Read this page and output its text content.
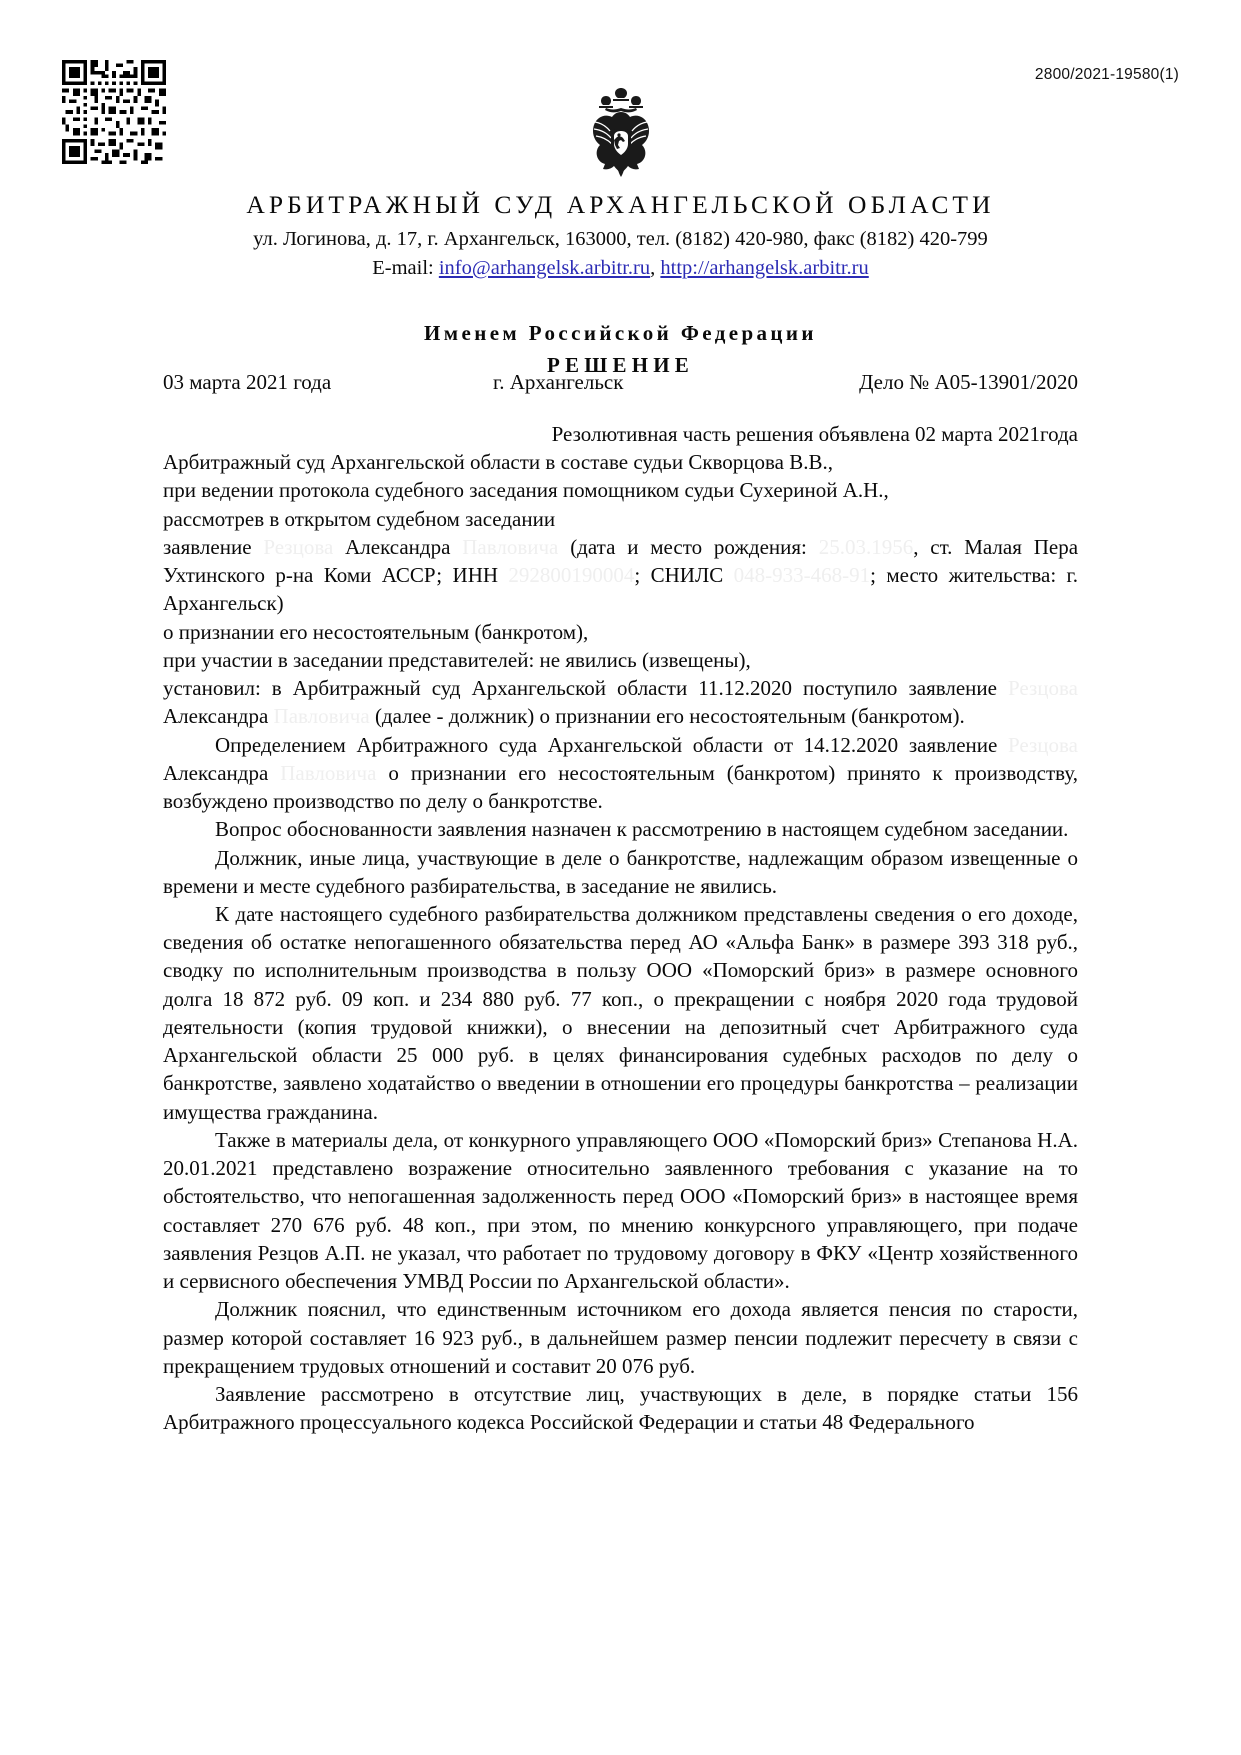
2800/2021-19580(1)
АРБИТРАЖНЫЙ СУД АРХАНГЕЛЬСКОЙ ОБЛАСТИ
ул. Логинова, д. 17, г. Архангельск, 163000, тел. (8182) 420-980, факс (8182) 420-799
E-mail: info@arhangelsk.arbitr.ru, http://arhangelsk.arbitr.ru
Именем Российской Федерации
РЕШЕНИЕ
03 марта 2021 года	г. Архангельск	Дело № А05-13901/2020

Резолютивная часть решения объявлена 02 марта 2021года

Арбитражный суд Архангельской области в составе судьи Скворцова В.В.,

при ведении протокола судебного заседания помощником судьи Сухериной А.Н.,

рассмотрев в открытом судебном заседании

заявление Резцова Александра Павловича (дата и место рождения: 25.03.1956, ст. Малая Пера Ухтинского р-на Коми АССР; ИНН 292800190004; СНИЛС 048-933-468-91; место жительства: г. Архангельск)

о признании его несостоятельным (банкротом),

при участии в заседании представителей: не явились (извещены),

установил: в Арбитражный суд Архангельской области 11.12.2020 поступило заявление Резцова Александра Павловича (далее - должник) о признании его несостоятельным (банкротом).

Определением Арбитражного суда Архангельской области от 14.12.2020 заявление Резцова Александра Павловича о признании его несостоятельным (банкротом) принято к производству, возбуждено производство по делу о банкротстве.

Вопрос обоснованности заявления назначен к рассмотрению в настоящем судебном заседании.

Должник, иные лица, участвующие в деле о банкротстве, надлежащим образом извещенные о времени и месте судебного разбирательства, в заседание не явились.

К дате настоящего судебного разбирательства должником представлены сведения о его доходе, сведения об остатке непогашенного обязательства перед АО «Альфа Банк» в размере 393 318 руб., сводку по исполнительным производства в пользу ООО «Поморский бриз» в размере основного долга 18 872 руб. 09 коп. и 234 880 руб. 77 коп., о прекращении с ноября 2020 года трудовой деятельности (копия трудовой книжки), о внесении на депозитный счет Арбитражного суда Архангельской области 25 000 руб. в целях финансирования судебных расходов по делу о банкротстве, заявлено ходатайство о введении в отношении его процедуры банкротства – реализации имущества гражданина.

Также в материалы дела, от конкурного управляющего ООО «Поморский бриз» Степанова Н.А. 20.01.2021 представлено возражение относительно заявленного требования с указание на то обстоятельство, что непогашенная задолженность перед ООО «Поморский бриз» в настоящее время составляет 270 676 руб. 48 коп., при этом, по мнению конкурсного управляющего, при подаче заявления Резцов А.П. не указал, что работает по трудовому договору в ФКУ «Центр хозяйственного и сервисного обеспечения УМВД России по Архангельской области».

Должник пояснил, что единственным источником его дохода является пенсия по старости, размер которой составляет 16 923 руб., в дальнейшем размер пенсии подлежит пересчету в связи с прекращением трудовых отношений и составит 20 076 руб.

Заявление рассмотрено в отсутствие лиц, участвующих в деле, в порядке статьи 156 Арбитражного процессуального кодекса Российской Федерации и статьи 48 Федерального
